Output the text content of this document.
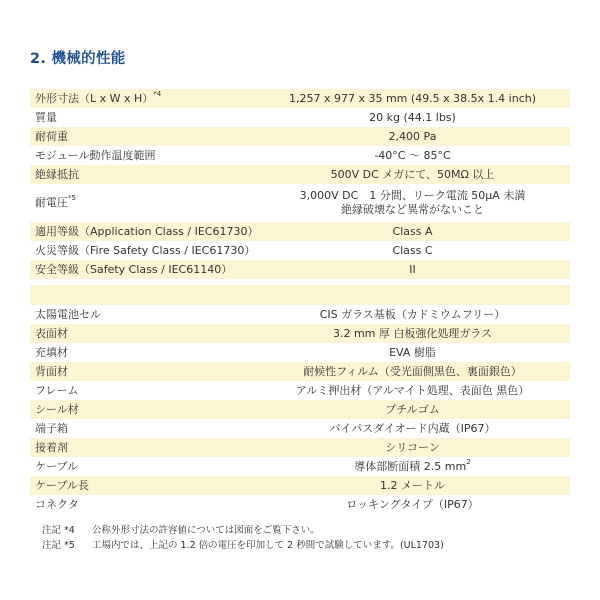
2. 機械的性能
外形寸法（L x W x H）$^{*4}$	1,257 x 977 x 35 mm (49.5 x 38.5x 1.4 inch)
質量	20 kg (44.1 lbs)
耐荷重	2,400 Pa
モジュール動作温度範囲	-40°C ～ 85°C
絶縁抵抗	500V DC メガにて、50MΩ 以上
耐電圧$^{*5}$	3,000V DC　1 分間、リーク電流 50μA 未満
絶縁破壊など異常がないこと

適用等級（Application Class / IEC61730）	Class A
火災等級（Fire Safety Class / IEC61730）	Class C
安全等級（Safety Class / IEC61140）	II
太陽電池セル	CIS ガラス基板（カドミウムフリー）
表面材	3.2 mm 厚 白板強化処理ガラス
充填材	EVA 樹脂
背面材	耐候性フィルム（受光面側黒色、裏面銀色）
フレーム	アルミ押出材（アルマイト処理、表面色 黒色）
シール材	ブチルゴム
端子箱	バイパスダイオード内蔵（IP67）
接着剤	シリコーン
ケーブル	導体部断面積 2.5 $mm^2$
ケーブル長	1.2 メートル
コネクタ	ロッキングタイプ（IP67）
注記 *4	公称外形寸法の許容値については図面をご覧下さい。
注記 *5	工場内では、上記の 1.2 倍の電圧を印加して 2 秒間で試験しています。(UL1703)
